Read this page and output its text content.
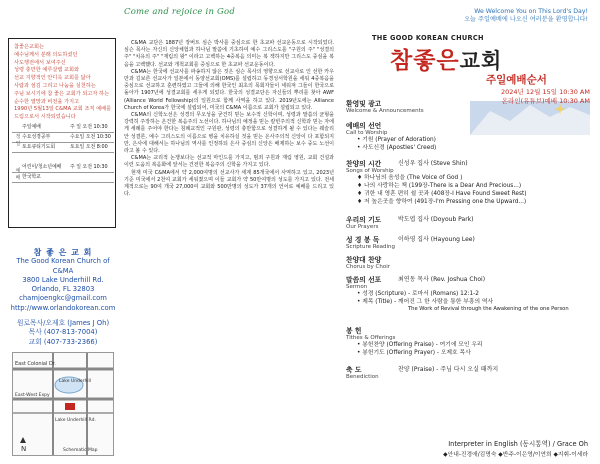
Come and rejoice in God	We Welcome You on This Lord's Day!
오늘 주일예배에 나오신 여러분을 환영합니다!
참좋은교회는
예수님께서 분래 의도하셨던
사도행전에서 보여주신
성령 충만한 예루살렘 교회와
선교 지향적인 안디옥 교회를 닮아
사람과 섬김 그리고 나눔을 실천하는
주님 보시기에 참 좋은 교회가 되고자 하는
순수한 열망과 비전을 가지고
1990년 5월13일 C&MA 교회 조직 예배를
드림으로서 시작되었습니다
정 일
주일예배	주 일 오전 10:30
수요성경공부	수요일 오전 10:30
토요큐티기도회	토요일 오전 8:00
예 배
어린이/청소년예배	주 일 오전 10:30
한국학교
참 좋 은 교 회
The Good Korean Church of C&MA
3800 Lake Underhill Rd.
Orlando, FL 32803
chamjoengkc@gmail.com
http://www.orlandokorean.com
원로목사/오제호 (James J Oh)
목사 (407-813-7004)
교회 (407-733-2366)
East Colonial Dr.
Lake Underhill
East-West Expy
Lake Underhill Rd.
Schematic Map
N

C&MA 교단은 1887년 장버트 심슨 박사를 중심으로 한 초교파 선교운동으로 시작되었다. 심슨 목사는 자신의 신앙체험과 하나님 말씀에 기초하여 예수 그리스도를 "구원의 주" "성결의 주" "치유의 주" "재림의 왕" 이라고 고백하는 4중복음 의미는 복 잭하지만 그리스도 중심을 복음을 고백했다. 선교와 개척교회를 중심으로 한 초교파 선교운동이다.

C&MA는 한국에 선교사를 파송하지 않은 것은 심슨 목사의 영향으로 선교사로 인 선한 카우만과 길보른 선교사가 일본에서 동양선교회(OMS)를 설립하고 동경성서학원을 세워 4중복음을 중심으로 선교하고 훈련하였고 그들에 의해 한국인 최초의 목회자들이 세워져 그들이 한국으로 돌아가 1907년에 성결교회를 세우게 되었다. 한국의 성결교단은 자신들의 뿌리를 찾아 AWF (Alliance World Fellowship)의 일원으로 함께 사역을 하고 있다. 2019년도에는 Alliance Church of Korea가 한국에 설립되어, 미국의 C&MA 이름으로 교회가 설립되고 있다.

C&MA의 신학노선은 성경의 무오성을 굳건히 믿는 보수적 신학이며, 성령과 말씀의 균형을 강력히 주장하는 온건한 복음주의 노선이다. 하나님의 예정을 믿는 칼빈주의적 신학과 믿는 자에게 세례를 주어야 한다는 침례교적인 구원관, 성령의 충만함으로 성결하게 될 수 있다는 웨슬리안 성결론, 예수 그리스도의 이름으로 병을 치유하실 것을 믿는 온사주의적 신앙이 다 포함되지만, 은사에 대해서는 하나님의 역사를 인정하되 은사 중심의 신앙은 배제하는 보수 중도 노선이라고 볼 수 있다.

C&MA는 교리적 논쟁보다는 선교적 마인드를 가지고, 범죄 구원과 재림 영원, 교회 건설과 이런 도움의 복음화에 앞서는 건전한 복음주의 신학을 가지고 있다.

현재 미국 C&MA에서 약 2,000여명의 선교사가 세계 85개국에서 사역하고 있고, 2023년 기준 미국에서 2천여 교회가 세워졌으며 이들 교회가 약 50만여명의 성도를 가지고 있다. 전세계적으로는 90여 개국 27,000여 교회와 500만명의 성도가 37개의 언어로 예배를 드리고 있다.

THE GOOD KOREAN CHURCH
참좋은교회
주일예배순서
2024년 12월 15일 10:30 AM
온라인(유튜브)예배 10:30 AM
환영및 광고
Welcome & Announcements
예배의 선언
Call to Worship
• 기원 (Prayer of Adoration)
• 사도신경 (Apostles' Creed)
찬양의 시간	신성우 집사 (Steve Shin)
Songs of Worship
♦ 하나님의 음성을 (The Voice of God )
♦ 나의 사랑하는 책 (199장-There is a Dear And Precious...)
♦ 귀한 내 영혼 편히 쉴 곳과 (408장-I Have Found Sweet Rest)
♦ 저 높은곳을 향하여 (491장-I'm Pressing one the Upward...)
우리의 기도	박도엽 집사 (Doyoub Park)
Our Prayers
성 경 봉 독	이하영 집사 (Hayoung Lee)
Scripture Reading
찬양대 찬양
Chorus by Choir
말씀의 선포	최연동 목사 (Rev. Joshua Choi)
Sermon
• 성경 (Scripture) - 로마서 (Romans) 12:1-2
• 제목 (Title) - 깨어진 그 한 사람을 통한 부흥의 역사
The Work of Revival through the Awakening of the one Person
봉 헌
Tithes & Offerings
• 봉헌찬양 (Offering Praise) - 여기에 모인 우리
• 봉헌기도 (Offering Prayer) - 오제호 목사
축 도	찬양 (Praise) - 주님 다시 오실 때까지
Benediction
Interpreter in English (동시통역) / Grace Oh
◆안내-진경애/김명숙 ◆반주-이은영/이연희 ◆지휘-이세라
